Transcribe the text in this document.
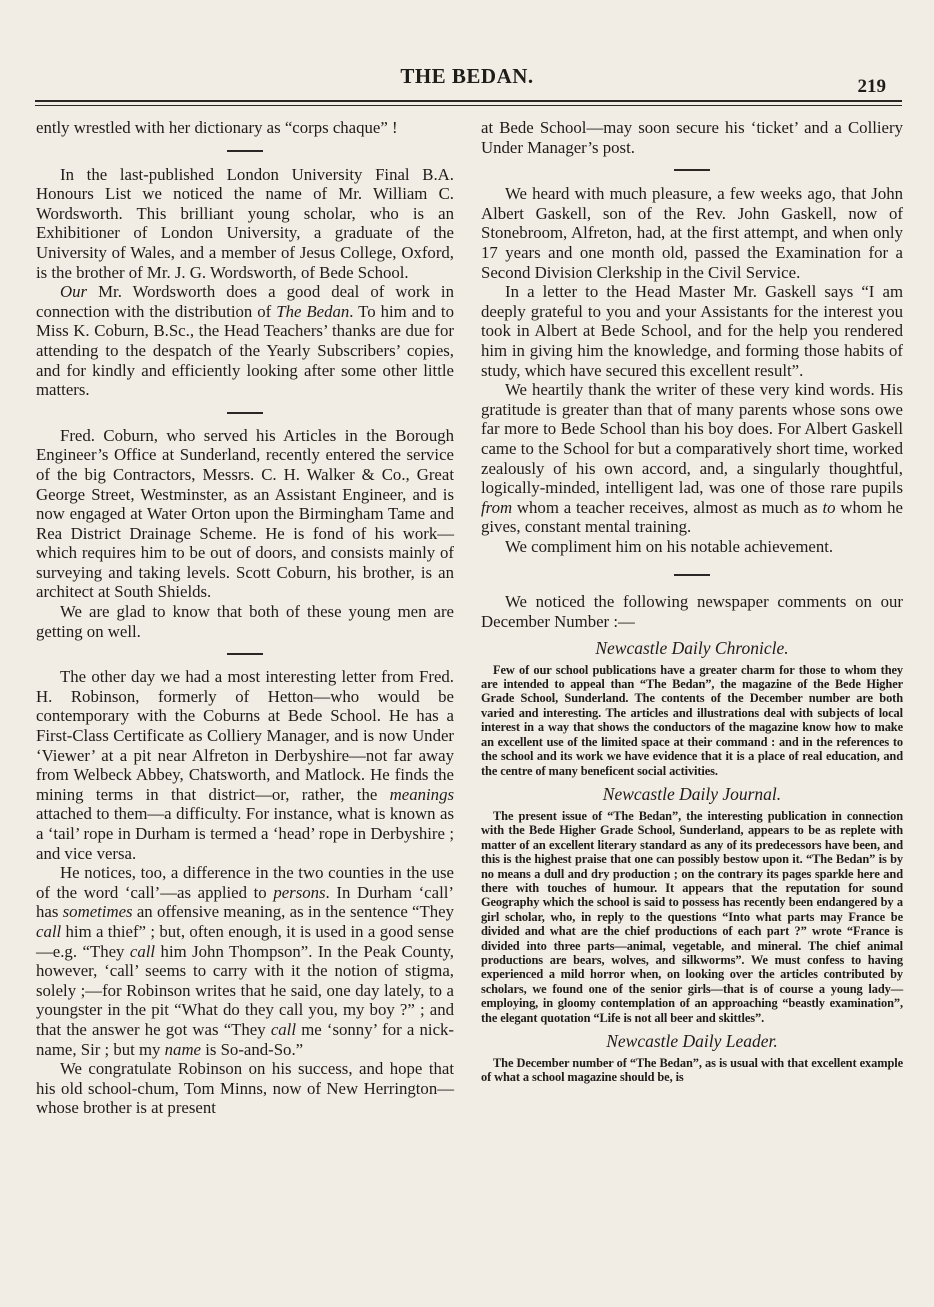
THE BEDAN.	219

ently wrestled with her dictionary as “corps chaque” !

In the last-published London University Final B.A. Honours List we noticed the name of Mr. William C. Wordsworth. This brilliant young scholar, who is an Exhibitioner of London University, a graduate of the University of Wales, and a member of Jesus College, Oxford, is the brother of Mr. J. G. Wordsworth, of Bede School.

Our Mr. Wordsworth does a good deal of work in connection with the distribution of The Bedan. To him and to Miss K. Coburn, B.Sc., the Head Teachers’ thanks are due for attending to the despatch of the Yearly Subscribers’ copies, and for kindly and efficiently looking after some other little matters.

Fred. Coburn, who served his Articles in the Borough Engineer’s Office at Sunderland, recently entered the service of the big Contractors, Messrs. C. H. Walker & Co., Great George Street, Westminster, as an Assistant Engineer, and is now engaged at Water Orton upon the Birmingham Tame and Rea District Drainage Scheme. He is fond of his work—which requires him to be out of doors, and consists mainly of surveying and taking levels. Scott Coburn, his brother, is an architect at South Shields.

We are glad to know that both of these young men are getting on well.

The other day we had a most interesting letter from Fred. H. Robinson, formerly of Hetton—who would be contemporary with the Coburns at Bede School. He has a First-Class Certificate as Colliery Manager, and is now Under ‘Viewer’ at a pit near Alfreton in Derbyshire—not far away from Welbeck Abbey, Chatsworth, and Matlock. He finds the mining terms in that district—or, rather, the meanings attached to them—a difficulty. For instance, what is known as a ‘tail’ rope in Durham is termed a ‘head’ rope in Derbyshire ; and vice versa.

He notices, too, a difference in the two counties in the use of the word ‘call’—as applied to persons. In Durham ‘call’ has sometimes an offensive meaning, as in the sentence “They call him a thief” ; but, often enough, it is used in a good sense—e.g. “They call him John Thompson”. In the Peak County, however, ‘call’ seems to carry with it the notion of stigma, solely ;—for Robinson writes that he said, one day lately, to a youngster in the pit “What do they call you, my boy ?” ; and that the answer he got was “They call me ‘sonny’ for a nick-name, Sir ; but my name is So-and-So.”

We congratulate Robinson on his success, and hope that his old school-chum, Tom Minns, now of New Herrington—whose brother is at present

at Bede School—may soon secure his ‘ticket’ and a Colliery Under Manager’s post.

We heard with much pleasure, a few weeks ago, that John Albert Gaskell, son of the Rev. John Gaskell, now of Stonebroom, Alfreton, had, at the first attempt, and when only 17 years and one month old, passed the Examination for a Second Division Clerkship in the Civil Service.

In a letter to the Head Master Mr. Gaskell says “I am deeply grateful to you and your Assistants for the interest you took in Albert at Bede School, and for the help you rendered him in giving him the knowledge, and forming those habits of study, which have secured this excellent result”.

We heartily thank the writer of these very kind words. His gratitude is greater than that of many parents whose sons owe far more to Bede School than his boy does. For Albert Gaskell came to the School for but a comparatively short time, worked zealously of his own accord, and, a singularly thoughtful, logically-minded, intelligent lad, was one of those rare pupils from whom a teacher receives, almost as much as to whom he gives, constant mental training.

We compliment him on his notable achievement.

We noticed the following newspaper comments on our December Number :—

Newcastle Daily Chronicle.

Few of our school publications have a greater charm for those to whom they are intended to appeal than “The Bedan”, the magazine of the Bede Higher Grade School, Sunderland. The contents of the December number are both varied and interesting. The articles and illustrations deal with subjects of local interest in a way that shows the conductors of the magazine know how to make an excellent use of the limited space at their command : and in the references to the school and its work we have evidence that it is a place of real education, and the centre of many beneficent social activities.

Newcastle Daily Journal.

The present issue of “The Bedan”, the interesting publication in connection with the Bede Higher Grade School, Sunderland, appears to be as replete with matter of an excellent literary standard as any of its predecessors have been, and this is the highest praise that one can possibly bestow upon it. “The Bedan” is by no means a dull and dry production ; on the contrary its pages sparkle here and there with touches of humour. It appears that the reputation for sound Geography which the school is said to possess has recently been endangered by a girl scholar, who, in reply to the questions “Into what parts may France be divided and what are the chief productions of each part ?” wrote “France is divided into three parts—animal, vegetable, and mineral. The chief animal productions are bears, wolves, and silkworms”. We must confess to having experienced a mild horror when, on looking over the articles contributed by scholars, we found one of the senior girls—that is of course a young lady—employing, in gloomy contemplation of an approaching “beastly examination”, the elegant quotation “Life is not all beer and skittles”.

Newcastle Daily Leader.

The December number of “The Bedan”, as is usual with that excellent example of what a school magazine should be, is
